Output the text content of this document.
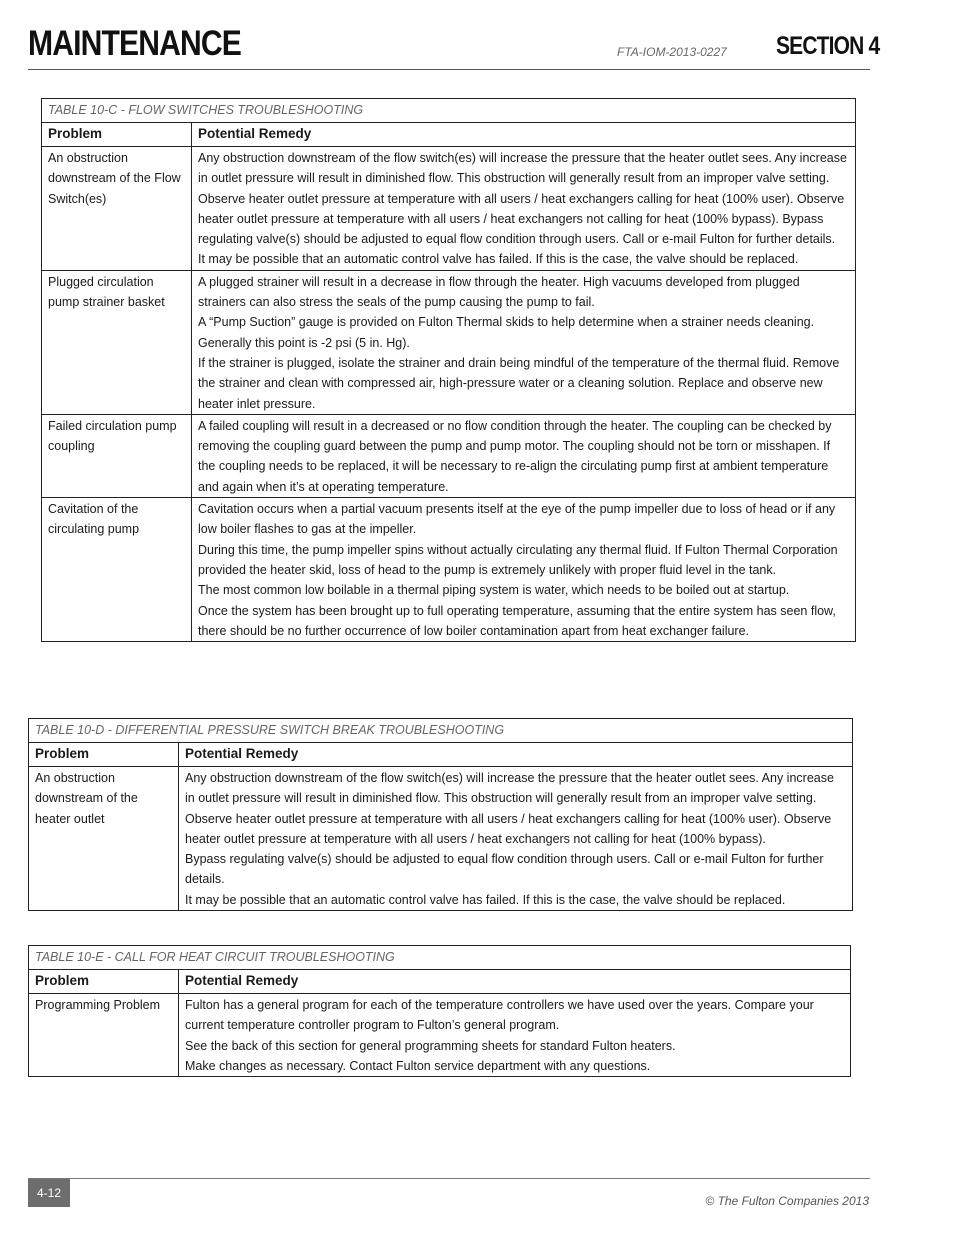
MAINTENANCE	FTA-IOM-2013-0227 SECTION 4
TABLE 10-C - FLOW SWITCHES TROUBLESHOOTING	
Problem	Potential Remedy
An obstruction downstream of the Flow Switch(es)	Any obstruction downstream of the flow switch(es) will increase the pressure that the heater outlet sees. Any increase in outlet pressure will result in diminished flow. This obstruction will generally result from an improper valve setting.

Observe heater outlet pressure at temperature with all users / heat exchangers calling for heat (100% user). Observe heater outlet pressure at temperature with all users / heat exchangers not calling for heat (100% bypass). Bypass regulating valve(s) should be adjusted to equal flow condition through users. Call or e-mail Fulton for further details.

It may be possible that an automatic control valve has failed. If this is the case, the valve should be replaced.

Plugged circulation pump strainer basket	A plugged strainer will result in a decrease in flow through the heater. High vacuums developed from plugged strainers can also stress the seals of the pump causing the pump to fail.

A “Pump Suction” gauge is provided on Fulton Thermal skids to help determine when a strainer needs cleaning. Generally this point is -2 psi (5 in. Hg).

If the strainer is plugged, isolate the strainer and drain being mindful of the temperature of the thermal fluid. Remove the strainer and clean with compressed air, high-pressure water or a cleaning solution. Replace and observe new heater inlet pressure.

Failed circulation pump coupling	A failed coupling will result in a decreased or no flow condition through the heater. The coupling can be checked by removing the coupling guard between the pump and pump motor. The coupling should not be torn or misshapen. If the coupling needs to be replaced, it will be necessary to re-align the circulating pump first at ambient temperature and again when it’s at operating temperature.

Cavitation of the circulating pump	Cavitation occurs when a partial vacuum presents itself at the eye of the pump impeller due to loss of head or if any low boiler flashes to gas at the impeller.

During this time, the pump impeller spins without actually circulating any thermal fluid. If Fulton Thermal Corporation provided the heater skid, loss of head to the pump is extremely unlikely with proper fluid level in the tank.

The most common low boilable in a thermal piping system is water, which needs to be boiled out at startup.

Once the system has been brought up to full operating temperature, assuming that the entire system has seen flow, there should be no further occurrence of low boiler contamination apart from heat exchanger failure.

TABLE 10-D - DIFFERENTIAL PRESSURE SWITCH BREAK TROUBLESHOOTING	
Problem	Potential Remedy
An obstruction downstream of the heater outlet	Any obstruction downstream of the flow switch(es) will increase the pressure that the heater outlet sees. Any increase in outlet pressure will result in diminished flow. This obstruction will generally result from an improper valve setting.

Observe heater outlet pressure at temperature with all users / heat exchangers calling for heat (100% user). Observe heater outlet pressure at temperature with all users / heat exchangers not calling for heat (100% bypass).

Bypass regulating valve(s) should be adjusted to equal flow condition through users. Call or e-mail Fulton for further details.

It may be possible that an automatic control valve has failed. If this is the case, the valve should be replaced.

TABLE 10-E - CALL FOR HEAT CIRCUIT TROUBLESHOOTING	
Problem	Potential Remedy
Programming Problem	Fulton has a general program for each of the temperature controllers we have used over the years. Compare your current temperature controller program to Fulton’s general program.

See the back of this section for general programming sheets for standard Fulton heaters.

Make changes as necessary. Contact Fulton service department with any questions.

4-12
© The Fulton Companies 2013
